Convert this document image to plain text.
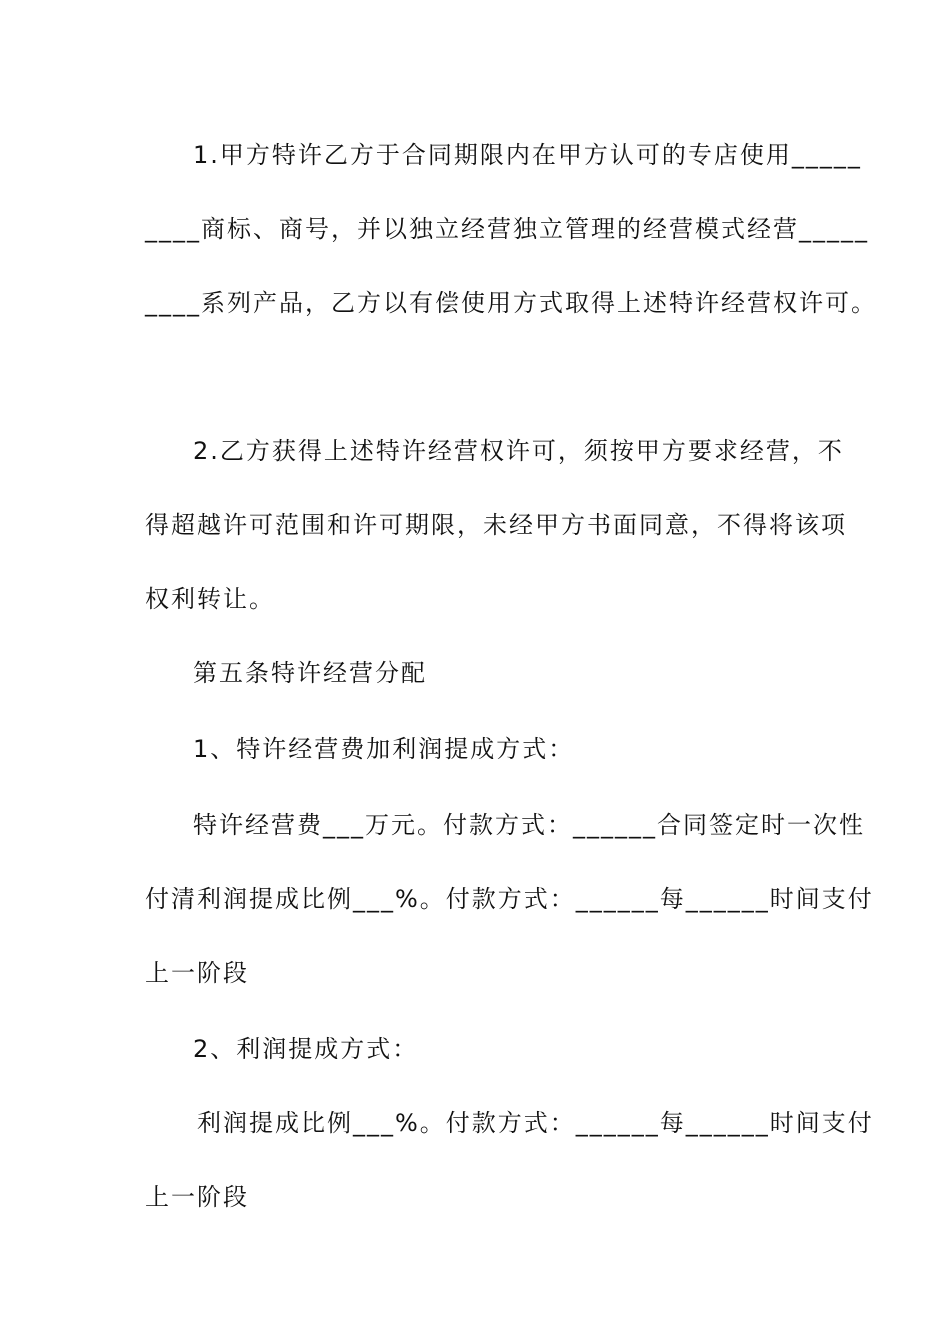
1.甲方特许乙方于合同期限内在甲方认可的专店使用_____
____商标、商号，并以独立经营独立管理的经营模式经营_____
____系列产品，乙方以有偿使用方式取得上述特许经营权许可。
2.乙方获得上述特许经营权许可，须按甲方要求经营，不
得超越许可范围和许可期限，未经甲方书面同意，不得将该项
权利转让。
第五条特许经营分配
1、特许经营费加利润提成方式：
特许经营费___万元。付款方式：______合同签定时一次性
付清利润提成比例___%。付款方式：______每______时间支付
上一阶段
2、利润提成方式：
利润提成比例___%。付款方式：______每______时间支付
上一阶段
